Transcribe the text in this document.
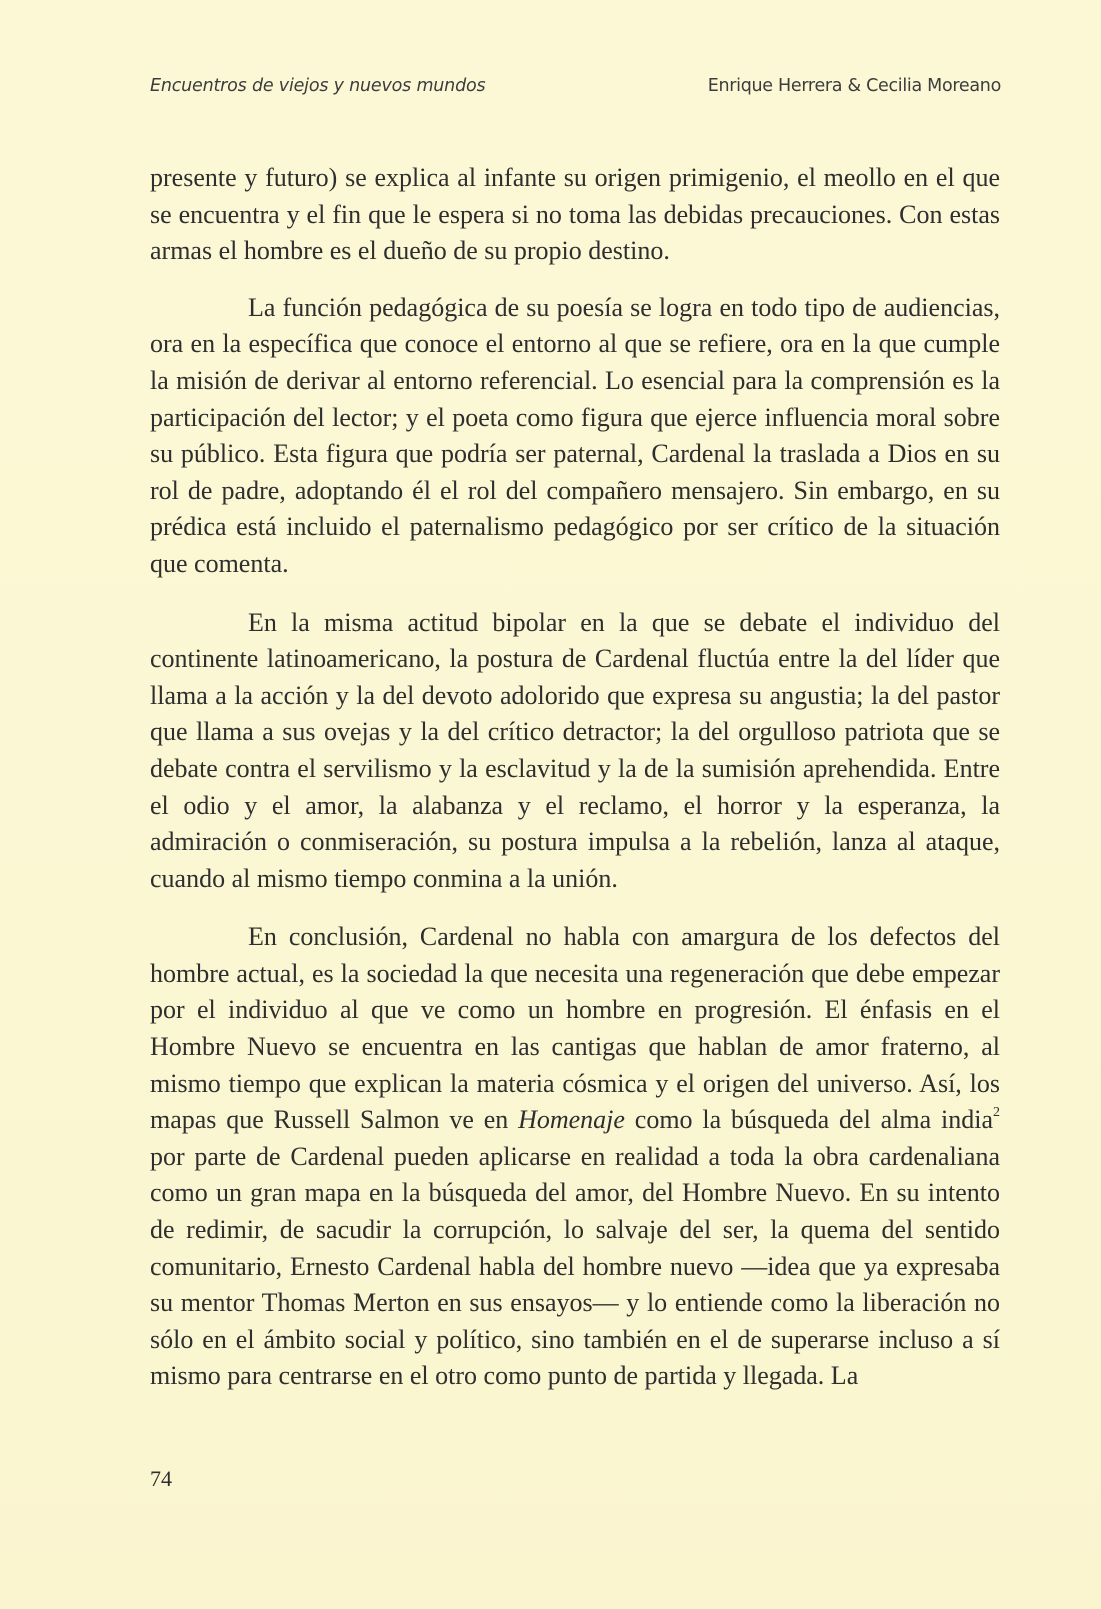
Encuentros de viejos y nuevos mundos	Enrique Herrera & Cecilia Moreano

presente y futuro) se explica al infante su origen primigenio, el meollo en el que se encuentra y el fin que le espera si no toma las debidas precauciones. Con estas armas el hombre es el dueño de su propio destino.

La función pedagógica de su poesía se logra en todo tipo de audiencias, ora en la específica que conoce el entorno al que se refiere, ora en la que cumple la misión de derivar al entorno referencial. Lo esencial para la comprensión es la participación del lector; y el poeta como figura que ejerce influencia moral sobre su público. Esta figura que podría ser paternal, Cardenal la traslada a Dios en su rol de padre, adoptando él el rol del compañero mensajero. Sin embargo, en su prédica está incluido el paternalismo pedagógico por ser crítico de la situación que comenta.

En la misma actitud bipolar en la que se debate el individuo del continente latinoamericano, la postura de Cardenal fluctúa entre la del líder que llama a la acción y la del devoto adolorido que expresa su angustia; la del pastor que llama a sus ovejas y la del crítico detractor; la del orgulloso patriota que se debate contra el servilismo y la esclavitud y la de la sumisión aprehendida. Entre el odio y el amor, la alabanza y el reclamo, el horror y la esperanza, la admiración o conmiseración, su postura impulsa a la rebelión, lanza al ataque, cuando al mismo tiempo conmina a la unión.

En conclusión, Cardenal no habla con amargura de los defectos del hombre actual, es la sociedad la que necesita una regeneración que debe empezar por el individuo al que ve como un hombre en progresión. El énfasis en el Hombre Nuevo se encuentra en las cantigas que hablan de amor fraterno, al mismo tiempo que explican la materia cósmica y el origen del universo. Así, los mapas que Russell Salmon ve en Homenaje como la búsqueda del alma india$^2$ por parte de Cardenal pueden aplicarse en realidad a toda la obra cardenaliana como un gran mapa en la búsqueda del amor, del Hombre Nuevo. En su intento de redimir, de sacudir la corrupción, lo salvaje del ser, la quema del sentido comunitario, Ernesto Cardenal habla del hombre nuevo —idea que ya expresaba su mentor Thomas Merton en sus ensayos— y lo entiende como la liberación no sólo en el ámbito social y político, sino también en el de superarse incluso a sí mismo para centrarse en el otro como punto de partida y llegada. La

74
